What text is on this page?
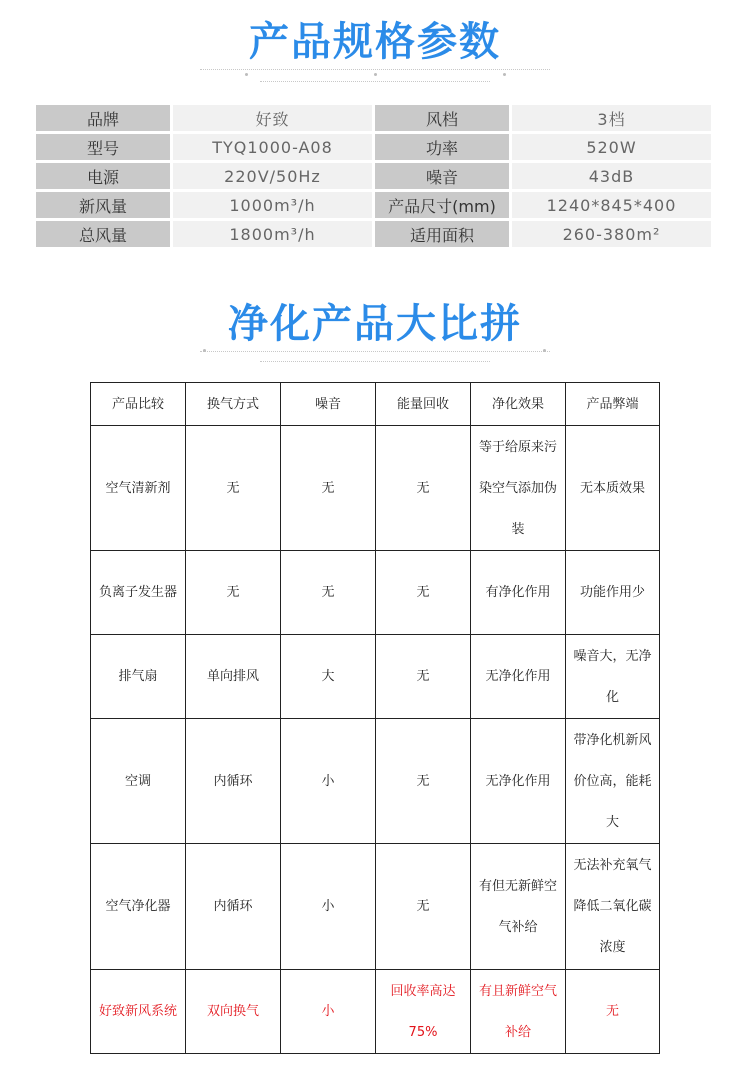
产品规格参数
品牌	好致	风档	3档
型号	TYQ1000-A08	功率	520W
电源	220V/50Hz	噪音	43dB
新风量	1000m³/h	产品尺寸(mm)	1240*845*400
总风量	1800m³/h	适用面积	260-380m²
净化产品大比拼
产品比较	换气方式	噪音	能量回收	净化效果	产品弊端
空气清新剂	无	无	无	等于给原来污染空气添加伪装	无本质效果
负离子发生器	无	无	无	有净化作用	功能作用少
排气扇	单向排风	大	无	无净化作用	噪音大，无净化
空调	内循环	小	无	无净化作用	带净化机新风价位高，能耗大
空气净化器	内循环	小	无	有但无新鲜空气补给	无法补充氧气降低二氧化碳浓度
好致新风系统	双向换气	小	回收率高达75%	有且新鲜空气补给	无
